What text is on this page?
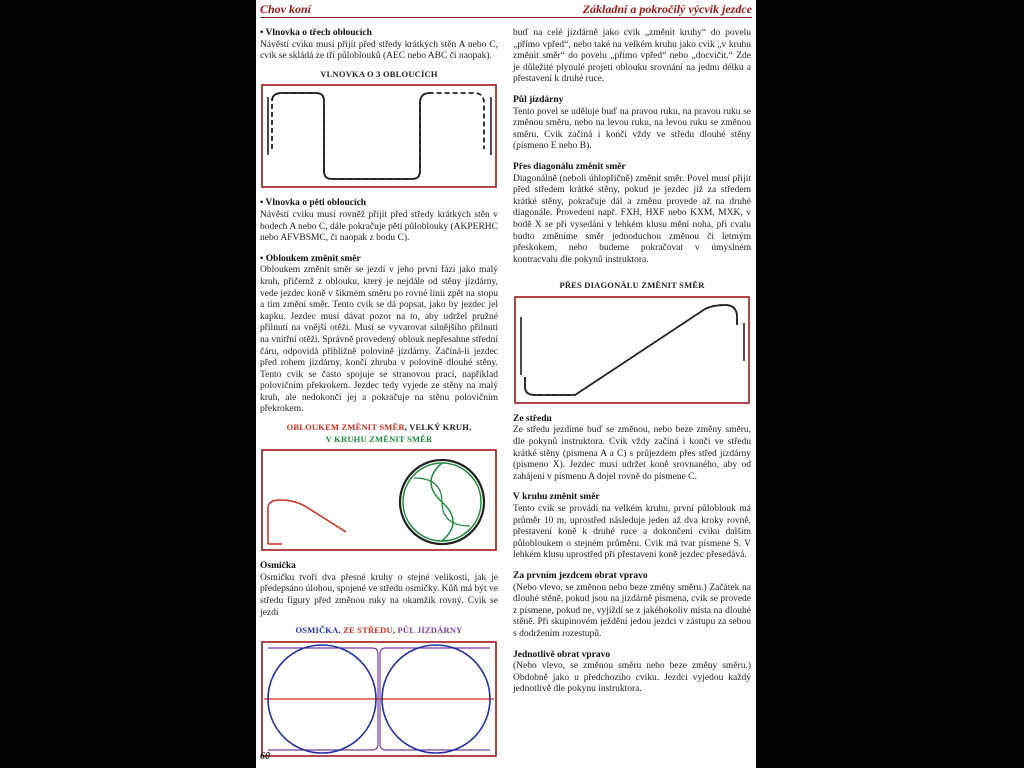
Chov koní	Základní a pokročilý výcvik jezdce
• Vlnovka o třech obloucích

Návěstí cviku musí přijít před středy krátkých stěn A nebo C, cvik se skládá ze tří půloblouků (AEC nebo ABC či naopak).

VLNOVKA O 3 OBLOUCÍCH
• Vlnovka o pěti obloucích

Návěstí cviku musí rovněž přijít před středy krátkých stěn v bodech A nebo C, dále pokračuje pěti půloblouky (AKPERHC nebo AFVBSMC, či naopak z bodu C).

• Obloukem změnit směr

Obloukem změnit směr se jezdí v jeho první fázi jako malý kruh, přičemž z oblouku, který je nejdále od stěny jízdárny, vede jezdec koně v šikmém směru po rovné linii zpět na stopu a tím změní směr. Tento cvik se dá popsat, jako by jezdec jel kapku. Jezdec musí dávat pozor na to, aby udržel pružné přilnutí na vnější otěži. Musí se vyvarovat silnějšího přilnutí na vnitřní otěži. Správně provedený oblouk nepřesahne střední čáru, odpovídá přibližně polovině jízdárny. Začíná-li jezdec před rohem jízdárny, končí zhruba v polovině dlouhé stěny. Tento cvik se často spojuje se stranovou prací, například polovičním překrokem. Jezdec tedy vyjede ze stěny na malý kruh, ale nedokončí jej a pokračuje na stěnu polovičním překrokem.

OBLOUKEM ZMĚNIT SMĚR, VELKÝ KRUH,
V KRUHU ZMĚNIT SMĚR
Osmička

Osmičku tvoří dva přesné kruhy o stejné velikosti, jak je předepsáno úlohou, spojené ve středu osmičky. Kůň má být ve středu figury před změnou ruky na okamžik rovný. Cvik se jezdí

OSMIČKA, ZE STŘEDU, PŮL JÍZDÁRNY

buď na celé jízdárně jako cvik „změnit kruhy“ do povelu „přímo vpřed“, nebo také na velkém kruhu jako cvik „v kruhu změnit směr“ do povelu „přímo vpřed“ nebo „docvičit.“ Zde je důležité plynulé projetí oblouku srovnání na jednu délku a přestavení k druhé ruce.

Půl jízdárny

Tento povel se uděluje buď na pravou ruku, na pravou ruku se změnou směru, nebo na levou ruku, na levou ruku se změnou směru. Cvik začíná i končí vždy ve středu dlouhé stěny (písmeno E nebo B).

Přes diagonálu změnit směr

Diagonálně (neboli úhlopříčně) změnit směr. Povel musí přijít před středem krátké stěny, pokud je jezdec již za středem krátké stěny, pokračuje dál a změnu provede až na druhé diagonále. Provedení např. FXH, HXF nebo KXM, MXK, v bodě X se při vysedání v lehkém klusu mění noha, při cvalu budto změníme směr jednoduchou změnou či letmým přeskokem, nebo budeme pokračovat v úmyslném kontracvalu dle pokynů instruktora.

PŘES DIAGONÁLU ZMĚNIT SMĚR
Ze středu

Ze středu jezdíme buď se změnou, nebo beze změny směru, dle pokynů instruktora. Cvik vždy začíná i končí ve středu krátké stěny (písmena A a C) s průjezdem přes střed jízdárny (písmeno X). Jezdec musí udržet koně srovnaného, aby od zahájení v písmenu A dojel rovně do písmene C.

V kruhu změnit směr

Tento cvik se provádí na velkém kruhu, první půloblouk má průměr 10 m, uprostřed následuje jeden až dva kroky rovně, přestavení koně k druhé ruce a dokončení cviku dalším půlobloukem o stejném průměru. Cvik má tvar písmene S. V lehkém klusu uprostřed při přestavení koně jezdec přesedává.

Za prvním jezdcem obrat vpravo

(Nebo vlevo, se změnou nebo beze změny směru.) Začátek na dlouhé stěně, pokud jsou na jízdárně písmena, cvik se provede z písmene, pokud ne, vyjíždí se z jakéhokoliv místa na dlouhé stěně. Při skupinovém ježdění jedou jezdci v zástupu za sebou s dodržením rozestupů.

Jednotlivě obrat vpravo

(Nebo vlevo, se změnou směru nebo beze změny směru.) Obdobně jako u předchozího cviku. Jezdci vyjedou každý jednotlivě dle pokynu instruktora.

60
